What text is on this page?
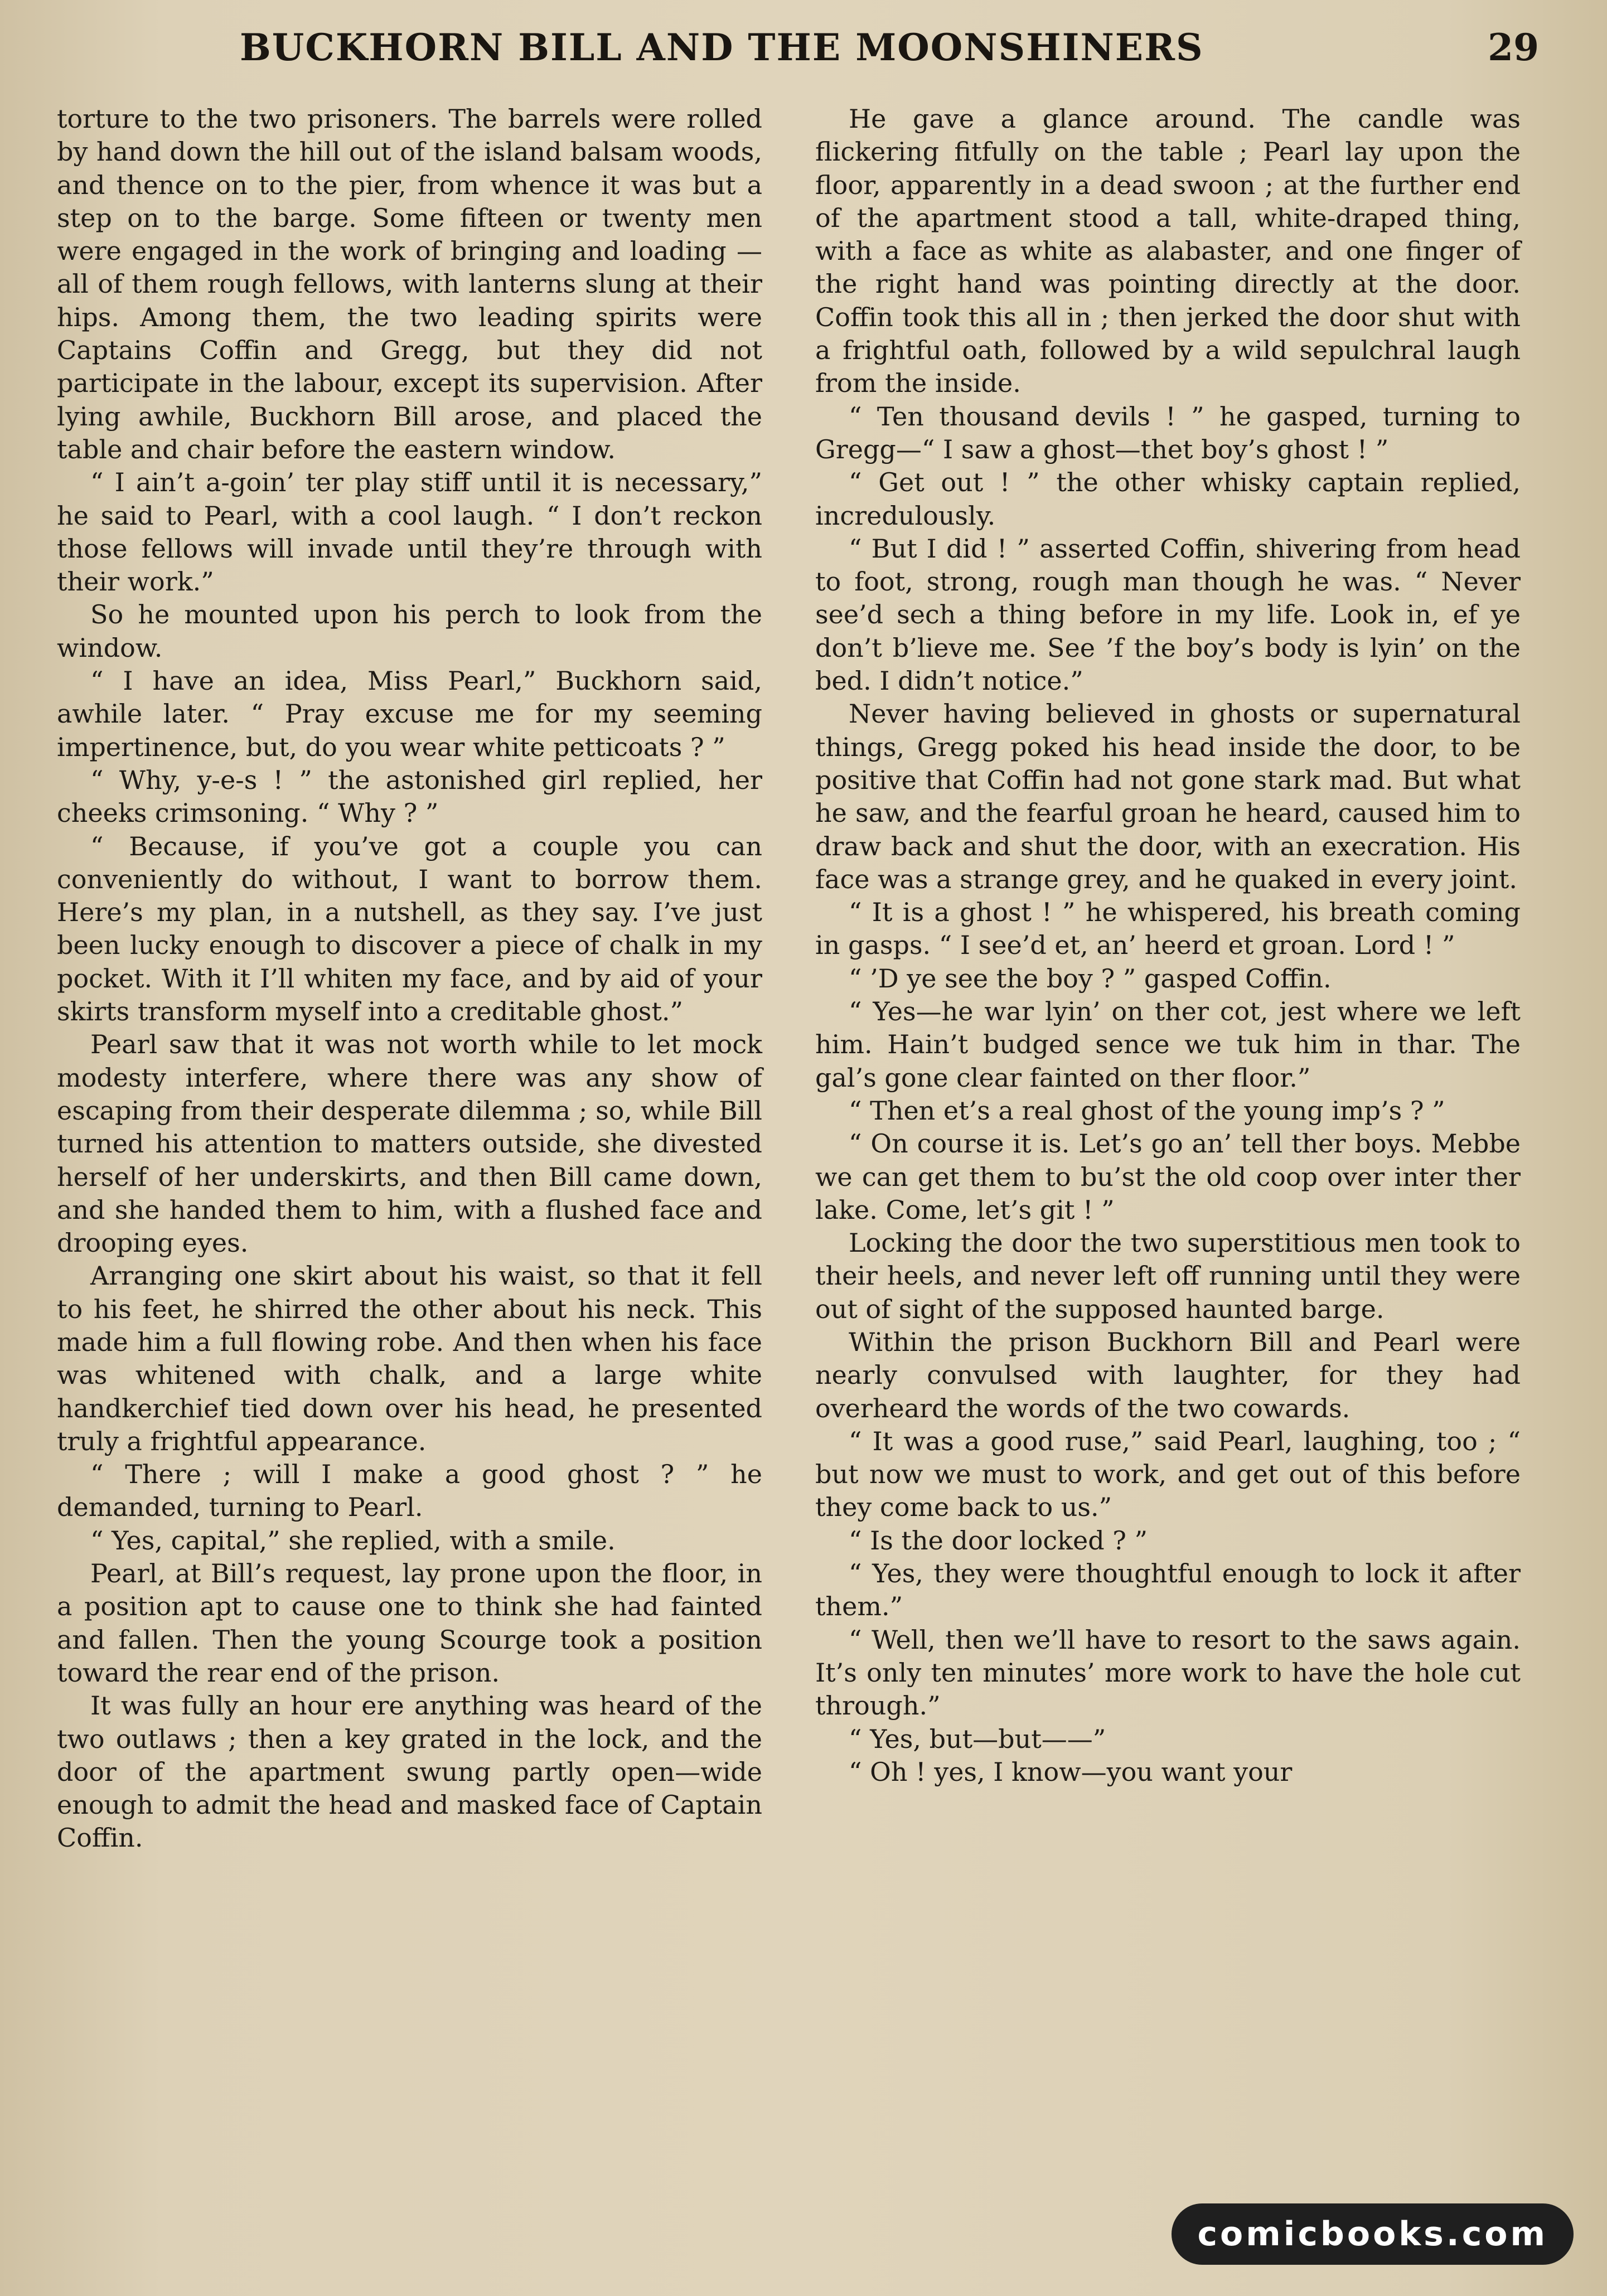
BUCKHORN BILL AND THE MOONSHINERS	29

torture to the two prisoners. The barrels were rolled by hand down the hill out of the island balsam woods, and thence on to the pier, from whence it was but a step on to the barge. Some fifteen or twenty men were engaged in the work of bringing and loading —all of them rough fellows, with lanterns slung at their hips. Among them, the two leading spirits were Captains Coffin and Gregg, but they did not participate in the labour, except its supervision. After lying awhile, Buckhorn Bill arose, and placed the table and chair before the eastern window.

“ I ain’t a-goin’ ter play stiff until it is necessary,” he said to Pearl, with a cool laugh. “ I don’t reckon those fellows will invade until they’re through with their work.”

So he mounted upon his perch to look from the window.

“ I have an idea, Miss Pearl,” Buckhorn said, awhile later. “ Pray excuse me for my seeming impertinence, but, do you wear white petticoats ? ”

“ Why, y-e-s ! ” the astonished girl replied, her cheeks crimsoning. “ Why ? ”

“ Because, if you’ve got a couple you can conveniently do without, I want to borrow them. Here’s my plan, in a nutshell, as they say. I’ve just been lucky enough to discover a piece of chalk in my pocket. With it I’ll whiten my face, and by aid of your skirts transform myself into a creditable ghost.”

Pearl saw that it was not worth while to let mock modesty interfere, where there was any show of escaping from their desperate dilemma ; so, while Bill turned his attention to matters outside, she divested herself of her underskirts, and then Bill came down, and she handed them to him, with a flushed face and drooping eyes.

Arranging one skirt about his waist, so that it fell to his feet, he shirred the other about his neck. This made him a full flowing robe. And then when his face was whitened with chalk, and a large white handkerchief tied down over his head, he presented truly a frightful appearance.

“ There ; will I make a good ghost ? ” he demanded, turning to Pearl.

“ Yes, capital,” she replied, with a smile.

Pearl, at Bill’s request, lay prone upon the floor, in a position apt to cause one to think she had fainted and fallen. Then the young Scourge took a position toward the rear end of the prison.

It was fully an hour ere anything was heard of the two outlaws ; then a key grated in the lock, and the door of the apartment swung partly open—wide enough to admit the head and masked face of Captain Coffin.

He gave a glance around. The candle was flickering fitfully on the table ; Pearl lay upon the floor, apparently in a dead swoon ; at the further end of the apartment stood a tall, white-draped thing, with a face as white as alabaster, and one finger of the right hand was pointing directly at the door. Coffin took this all in ; then jerked the door shut with a frightful oath, followed by a wild sepulchral laugh from the inside.

“ Ten thousand devils ! ” he gasped, turning to Gregg—“ I saw a ghost—thet boy’s ghost ! ”

“ Get out ! ” the other whisky captain replied, incredulously.

“ But I did ! ” asserted Coffin, shivering from head to foot, strong, rough man though he was. “ Never see’d sech a thing before in my life. Look in, ef ye don’t b’lieve me. See ’f the boy’s body is lyin’ on the bed. I didn’t notice.”

Never having believed in ghosts or supernatural things, Gregg poked his head inside the door, to be positive that Coffin had not gone stark mad. But what he saw, and the fearful groan he heard, caused him to draw back and shut the door, with an execration. His face was a strange grey, and he quaked in every joint.

“ It is a ghost ! ” he whispered, his breath coming in gasps. “ I see’d et, an’ heerd et groan. Lord ! ”

“ ’D ye see the boy ? ” gasped Coffin.

“ Yes—he war lyin’ on ther cot, jest where we left him. Hain’t budged sence we tuk him in thar. The gal’s gone clear fainted on ther floor.”

“ Then et’s a real ghost of the young imp’s ? ”

“ On course it is. Let’s go an’ tell ther boys. Mebbe we can get them to bu’st the old coop over inter ther lake. Come, let’s git ! ”

Locking the door the two superstitious men took to their heels, and never left off running until they were out of sight of the supposed haunted barge.

Within the prison Buckhorn Bill and Pearl were nearly convulsed with laughter, for they had overheard the words of the two cowards.

“ It was a good ruse,” said Pearl, laughing, too ; “ but now we must to work, and get out of this before they come back to us.”

“ Is the door locked ? ”

“ Yes, they were thoughtful enough to lock it after them.”

“ Well, then we’ll have to resort to the saws again. It’s only ten minutes’ more work to have the hole cut through.”

“ Yes, but—but——”

“ Oh ! yes, I know—you want your

comicbooks.com
